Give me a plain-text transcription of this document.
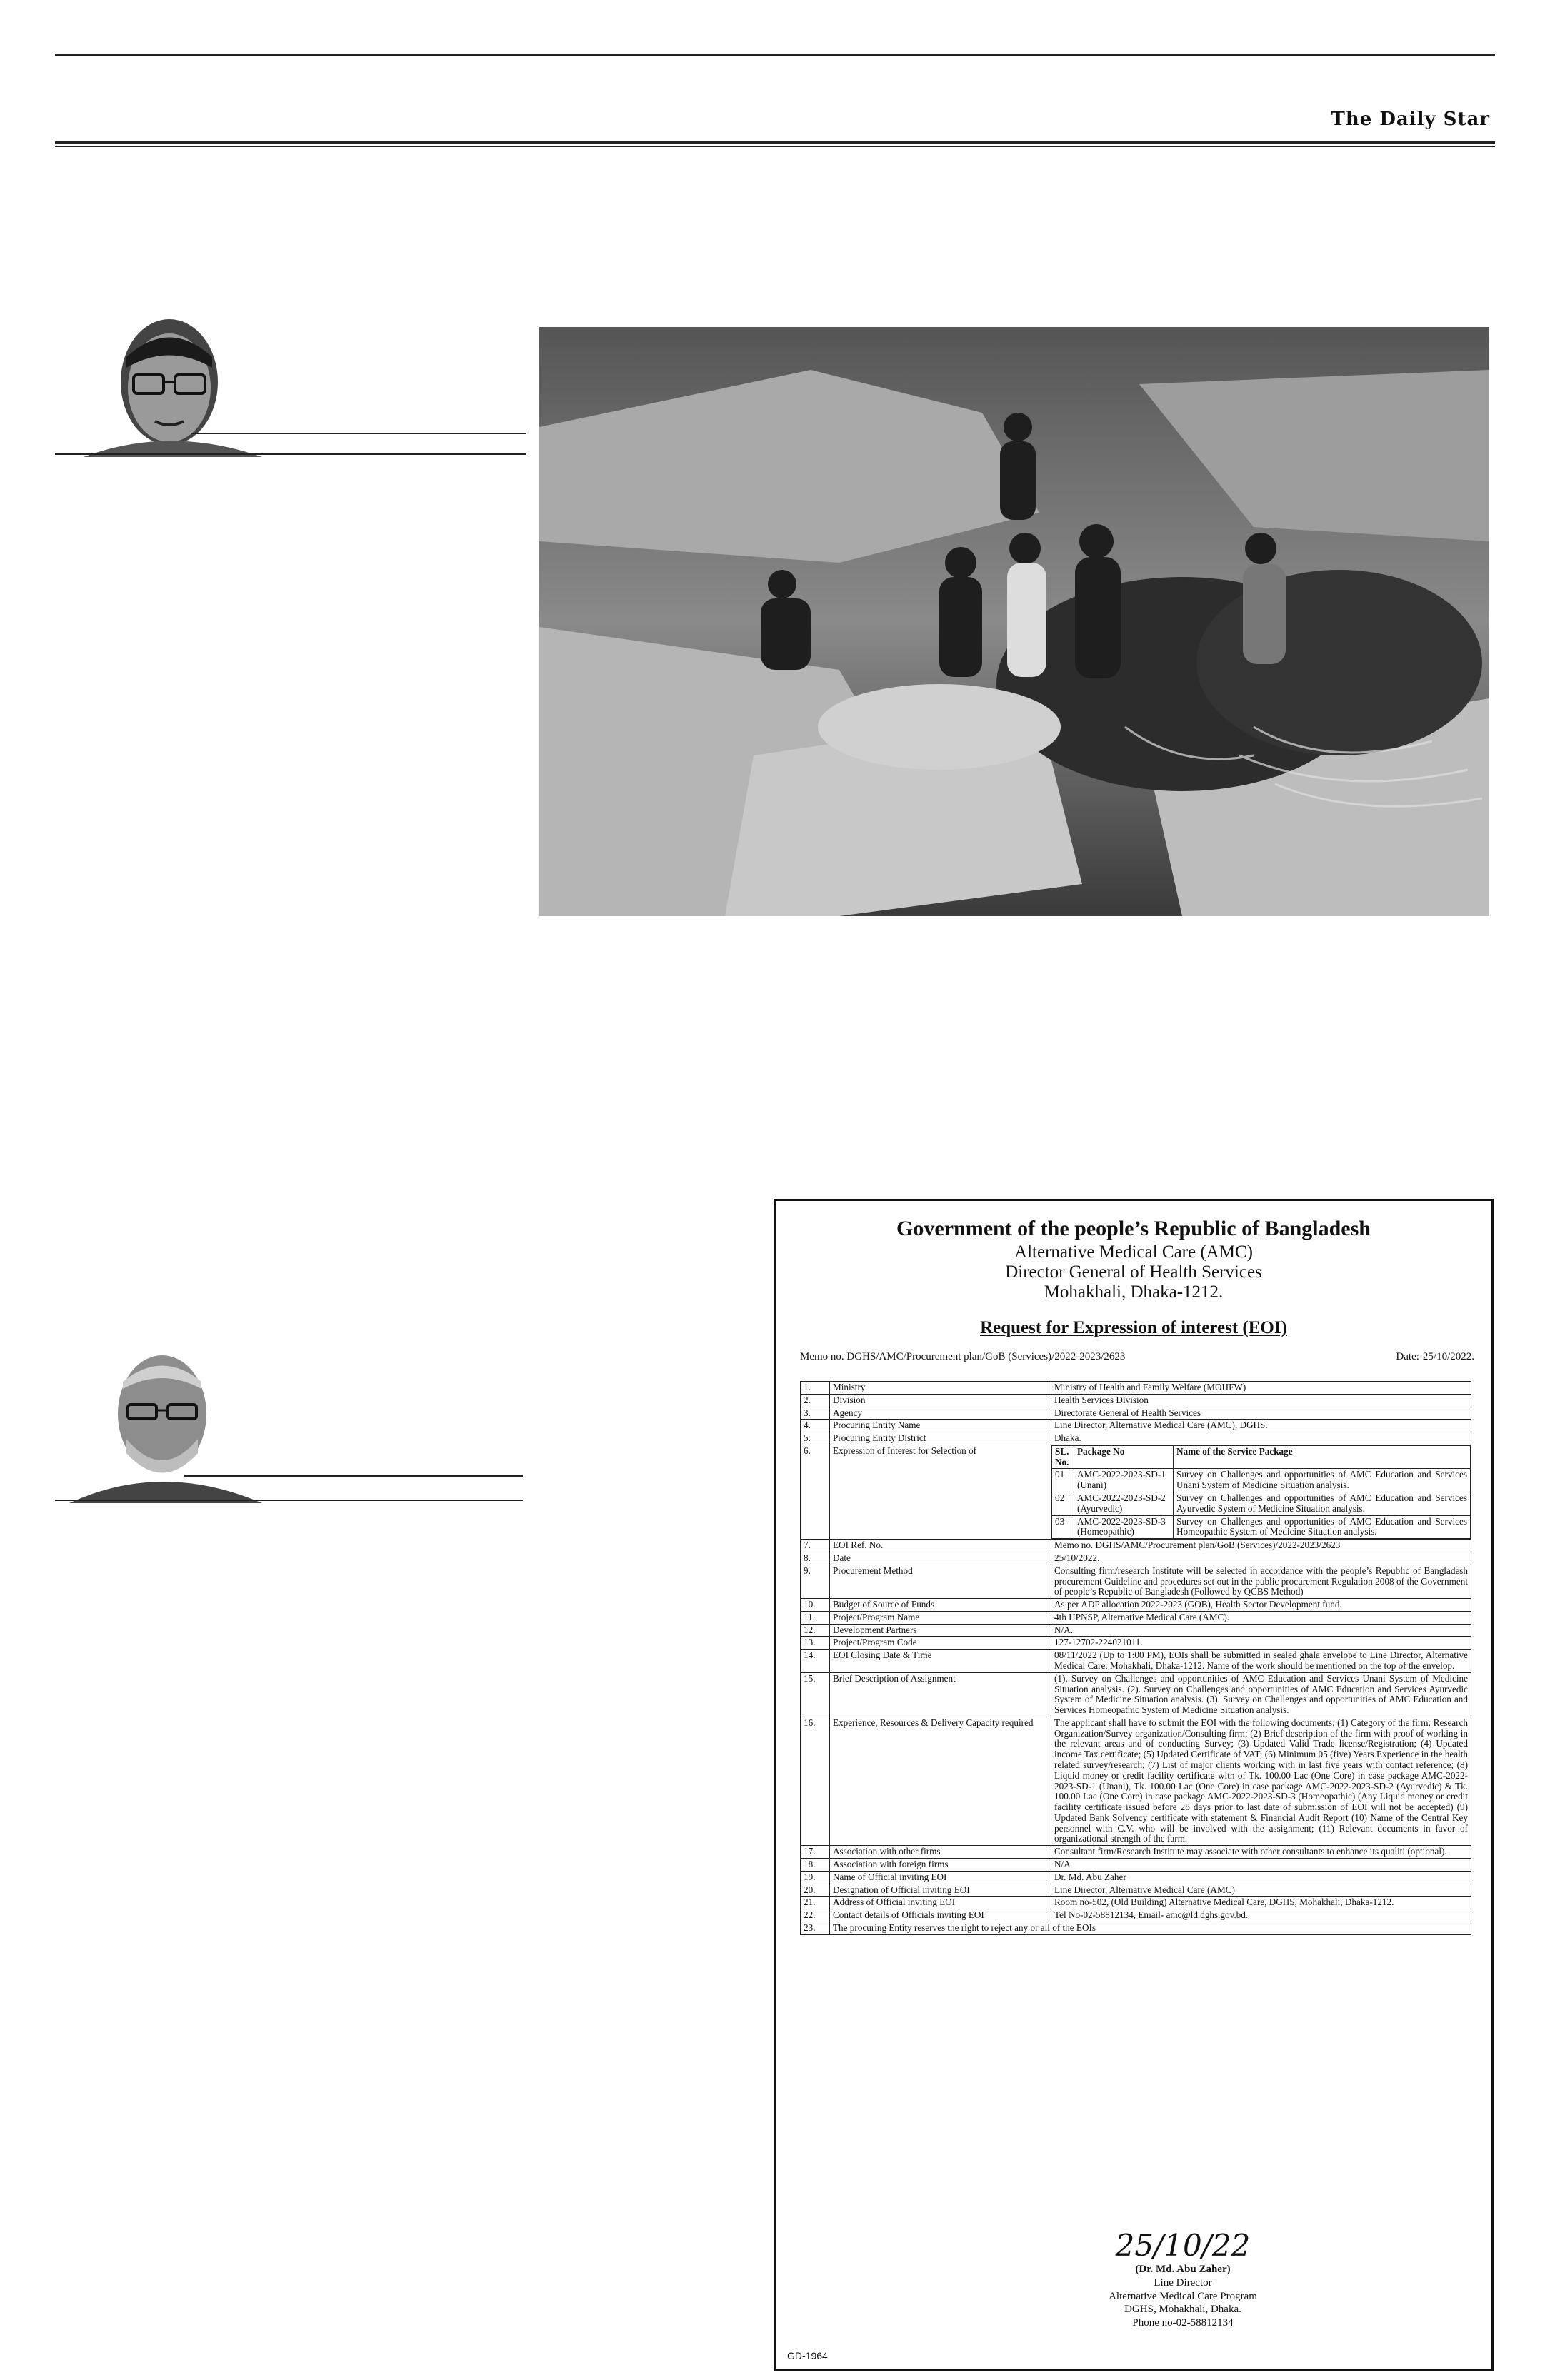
The Daily Star
Government of the people’s Republic of Bangladesh
Alternative Medical Care (AMC)
Director General of Health Services
Mohakhali, Dhaka-1212.
Request for Expression of interest (EOI)
Memo no. DGHS/AMC/Procurement plan/GoB (Services)/2022-2023/2623	Date:-25/10/2022.
1.	Ministry	Ministry of Health and Family Welfare (MOHFW)
2.	Division	Health Services Division
3.	Agency	Directorate General of Health Services
4.	Procuring Entity Name	Line Director, Alternative Medical Care (AMC), DGHS.
5.	Procuring Entity District	Dhaka.
6.	Expression of Interest for Selection of		SL. No.	Package No	Name of the Service Package
01	AMC-2022-2023-SD-1 (Unani)	Survey on Challenges and opportunities of AMC Education and Services Unani System of Medicine Situation analysis.
02	AMC-2022-2023-SD-2 (Ayurvedic)	Survey on Challenges and opportunities of AMC Education and Services Ayurvedic System of Medicine Situation analysis.
03	AMC-2022-2023-SD-3 (Homeopathic)	Survey on Challenges and opportunities of AMC Education and Services Homeopathic System of Medicine Situation analysis.

7.	EOI Ref. No.	Memo no. DGHS/AMC/Procurement plan/GoB (Services)/2022-2023/2623
8.	Date	25/10/2022.
9.	Procurement Method	Consulting firm/research Institute will be selected in accordance with the people’s Republic of Bangladesh procurement Guideline and procedures set out in the public procurement Regulation 2008 of the Government of people’s Republic of Bangladesh (Followed by QCBS Method)
10.	Budget of Source of Funds	As per ADP allocation 2022-2023 (GOB), Health Sector Development fund.
11.	Project/Program Name	4th HPNSP, Alternative Medical Care (AMC).
12.	Development Partners	N/A.
13.	Project/Program Code	127-12702-224021011.
14.	EOI Closing Date & Time	08/11/2022 (Up to 1:00 PM), EOIs shall be submitted in sealed ghala envelope to Line Director, Alternative Medical Care, Mohakhali, Dhaka-1212. Name of the work should be mentioned on the top of the envelop.
15.	Brief Description of Assignment	(1). Survey on Challenges and opportunities of AMC Education and Services Unani System of Medicine Situation analysis. (2). Survey on Challenges and opportunities of AMC Education and Services Ayurvedic System of Medicine Situation analysis. (3). Survey on Challenges and opportunities of AMC Education and Services Homeopathic System of Medicine Situation analysis.
16.	Experience, Resources & Delivery Capacity required	The applicant shall have to submit the EOI with the following documents: (1) Category of the firm: Research Organization/Survey organization/Consulting firm; (2) Brief description of the firm with proof of working in the relevant areas and of conducting Survey; (3) Updated Valid Trade license/Registration; (4) Updated income Tax certificate; (5) Updated Certificate of VAT; (6) Minimum 05 (five) Years Experience in the health related survey/research; (7) List of major clients working with in last five years with contact reference; (8) Liquid money or credit facility certificate with of Tk. 100.00 Lac (One Core) in case package AMC-2022-2023-SD-1 (Unani), Tk. 100.00 Lac (One Core) in case package AMC-2022-2023-SD-2 (Ayurvedic) & Tk. 100.00 Lac (One Core) in case package AMC-2022-2023-SD-3 (Homeopathic) (Any Liquid money or credit facility certificate issued before 28 days prior to last date of submission of EOI will not be accepted) (9) Updated Bank Solvency certificate with statement & Financial Audit Report (10) Name of the Central Key personnel with C.V. who will be involved with the assignment; (11) Relevant documents in favor of organizational strength of the farm.
17.	Association with other firms	Consultant firm/Research Institute may associate with other consultants to enhance its qualiti (optional).
18.	Association with foreign firms	N/A
19.	Name of Official inviting EOI	Dr. Md. Abu Zaher
20.	Designation of Official inviting EOI	Line Director, Alternative Medical Care (AMC)
21.	Address of Official inviting EOI	Room no-502, (Old Building) Alternative Medical Care, DGHS, Mohakhali, Dhaka-1212.
22.	Contact details of Officials inviting EOI	Tel No-02-58812134, Email- amc@ld.dghs.gov.bd.
23.	The procuring Entity reserves the right to reject any or all of the EOIs
25/10/22
(Dr. Md. Abu Zaher)
Line Director
Alternative Medical Care Program
DGHS, Mohakhali, Dhaka.
Phone no-02-58812134
GD-1964
